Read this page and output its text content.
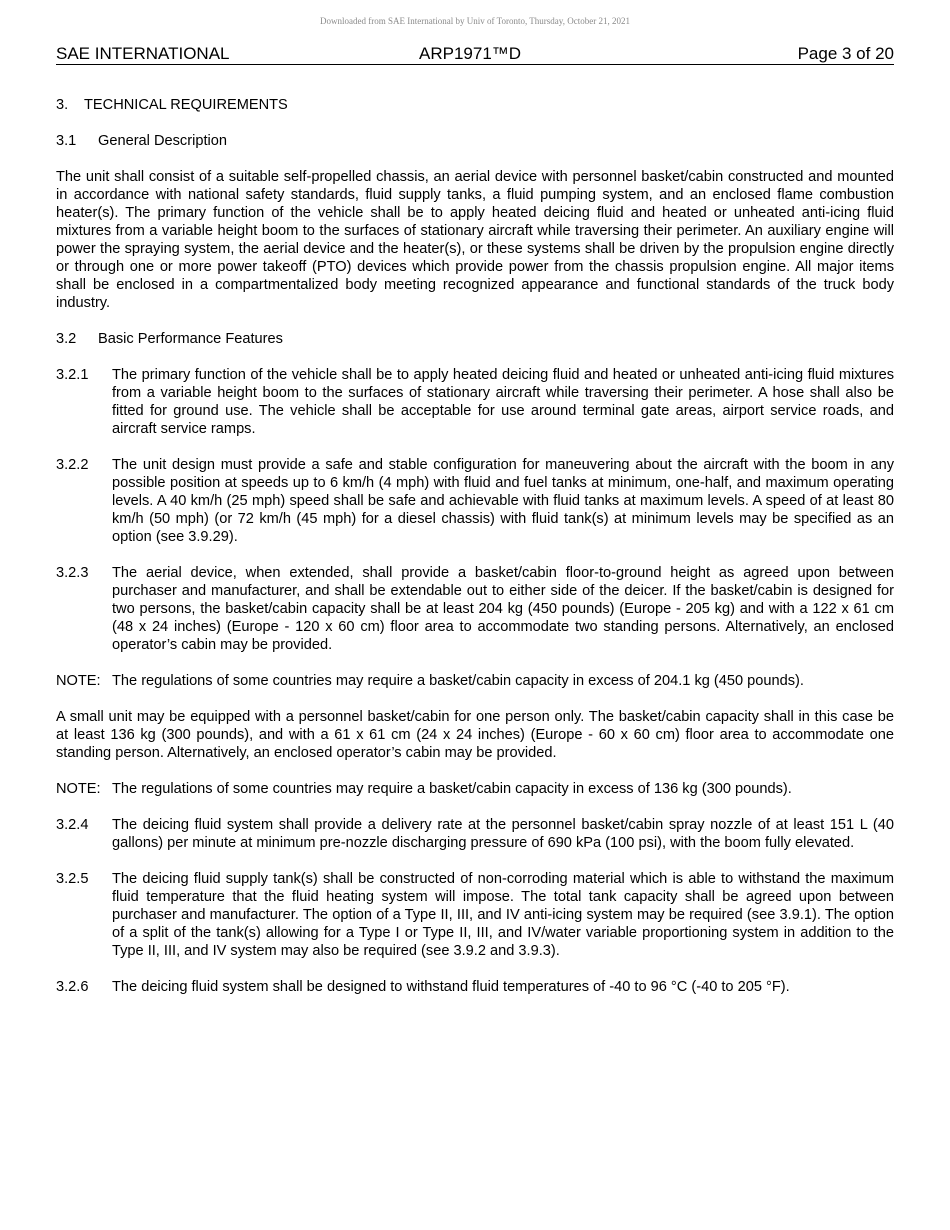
Downloaded from SAE International by Univ of Toronto, Thursday, October 21, 2021
SAE INTERNATIONAL	ARP1971™D	Page 3 of 20
3. TECHNICAL REQUIREMENTS
3.1 General Description

The unit shall consist of a suitable self-propelled chassis, an aerial device with personnel basket/cabin constructed and mounted in accordance with national safety standards, fluid supply tanks, a fluid pumping system, and an enclosed flame combustion heater(s). The primary function of the vehicle shall be to apply heated deicing fluid and heated or unheated anti-icing fluid mixtures from a variable height boom to the surfaces of stationary aircraft while traversing their perimeter. An auxiliary engine will power the spraying system, the aerial device and the heater(s), or these systems shall be driven by the propulsion engine directly or through one or more power takeoff (PTO) devices which provide power from the chassis propulsion engine. All major items shall be enclosed in a compartmentalized body meeting recognized appearance and functional standards of the truck body industry.

3.2 Basic Performance Features
3.2.1	The primary function of the vehicle shall be to apply heated deicing fluid and heated or unheated anti-icing fluid mixtures from a variable height boom to the surfaces of stationary aircraft while traversing their perimeter. A hose shall also be fitted for ground use. The vehicle shall be acceptable for use around terminal gate areas, airport service roads, and aircraft service ramps.
3.2.2	The unit design must provide a safe and stable configuration for maneuvering about the aircraft with the boom in any possible position at speeds up to 6 km/h (4 mph) with fluid and fuel tanks at minimum, one-half, and maximum operating levels. A 40 km/h (25 mph) speed shall be safe and achievable with fluid tanks at maximum levels. A speed of at least 80 km/h (50 mph) (or 72 km/h (45 mph) for a diesel chassis) with fluid tank(s) at minimum levels may be specified as an option (see 3.9.29).
3.2.3	The aerial device, when extended, shall provide a basket/cabin floor-to-ground height as agreed upon between purchaser and manufacturer, and shall be extendable out to either side of the deicer. If the basket/cabin is designed for two persons, the basket/cabin capacity shall be at least 204 kg (450 pounds) (Europe - 205 kg) and with a 122 x 61 cm (48 x 24 inches) (Europe - 120 x 60 cm) floor area to accommodate two standing persons. Alternatively, an enclosed operator’s cabin may be provided.
NOTE: The regulations of some countries may require a basket/cabin capacity in excess of 204.1 kg (450 pounds).

A small unit may be equipped with a personnel basket/cabin for one person only. The basket/cabin capacity shall in this case be at least 136 kg (300 pounds), and with a 61 x 61 cm (24 x 24 inches) (Europe - 60 x 60 cm) floor area to accommodate one standing person. Alternatively, an enclosed operator’s cabin may be provided.

NOTE: The regulations of some countries may require a basket/cabin capacity in excess of 136 kg (300 pounds).
3.2.4	The deicing fluid system shall provide a delivery rate at the personnel basket/cabin spray nozzle of at least 151 L (40 gallons) per minute at minimum pre-nozzle discharging pressure of 690 kPa (100 psi), with the boom fully elevated.
3.2.5	The deicing fluid supply tank(s) shall be constructed of non-corroding material which is able to withstand the maximum fluid temperature that the fluid heating system will impose. The total tank capacity shall be agreed upon between purchaser and manufacturer. The option of a Type II, III, and IV anti-icing system may be required (see 3.9.1). The option of a split of the tank(s) allowing for a Type I or Type II, III, and IV/water variable proportioning system in addition to the Type II, III, and IV system may also be required (see 3.9.2 and 3.9.3).
3.2.6	The deicing fluid system shall be designed to withstand fluid temperatures of -40 to 96 °C (-40 to 205 °F).
